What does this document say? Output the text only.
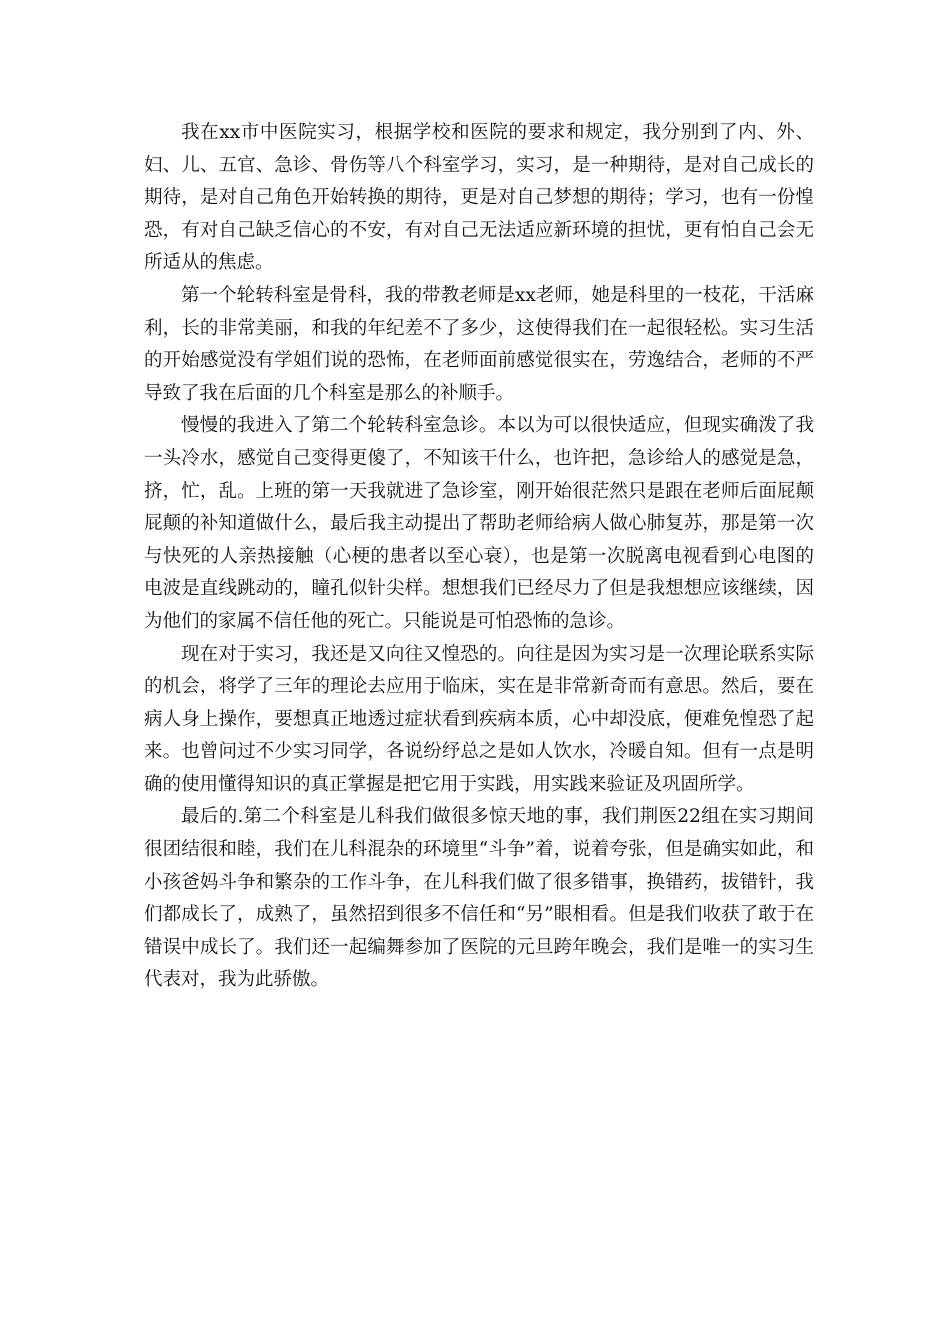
我在xx市中医院实习，根据学校和医院的要求和规定，我分别到了内、外、妇、儿、五官、急诊、骨伤等八个科室学习，实习，是一种期待，是对自己成长的期待，是对自己角色开始转换的期待，更是对自己梦想的期待；学习，也有一份惶恐，有对自己缺乏信心的不安，有对自己无法适应新环境的担忧，更有怕自己会无所适从的焦虑。

第一个轮转科室是骨科，我的带教老师是xx老师，她是科里的一枝花，干活麻利，长的非常美丽，和我的年纪差不了多少，这使得我们在一起很轻松。实习生活的开始感觉没有学姐们说的恐怖，在老师面前感觉很实在，劳逸结合，老师的不严导致了我在后面的几个科室是那么的补顺手。

慢慢的我进入了第二个轮转科室急诊。本以为可以很快适应，但现实确泼了我一头冷水，感觉自己变得更傻了，不知该干什么，也许把，急诊给人的感觉是急，挤，忙，乱。上班的第一天我就进了急诊室，刚开始很茫然只是跟在老师后面屁颠屁颠的补知道做什么，最后我主动提出了帮助老师给病人做心肺复苏，那是第一次与快死的人亲热接触（心梗的患者以至心衰），也是第一次脱离电视看到心电图的电波是直线跳动的，瞳孔似针尖样。想想我们已经尽力了但是我想想应该继续，因为他们的家属不信任他的死亡。只能说是可怕恐怖的急诊。

现在对于实习，我还是又向往又惶恐的。向往是因为实习是一次理论联系实际的机会，将学了三年的理论去应用于临床，实在是非常新奇而有意思。然后，要在病人身上操作，要想真正地透过症状看到疾病本质，心中却没底，便难免惶恐了起来。也曾问过不少实习同学，各说纷纾总之是如人饮水，冷暖自知。但有一点是明确的使用懂得知识的真正掌握是把它用于实践，用实践来验证及巩固所学。

最后的.第二个科室是儿科我们做很多惊天地的事，我们荆医22组在实习期间很团结很和睦，我们在儿科混杂的环境里“斗争”着，说着夸张，但是确实如此，和小孩爸妈斗争和繁杂的工作斗争，在儿科我们做了很多错事，换错药，拔错针，我们都成长了，成熟了，虽然招到很多不信任和“另”眼相看。但是我们收获了敢于在错误中成长了。我们还一起编舞参加了医院的元旦跨年晚会，我们是唯一的实习生代表对，我为此骄傲。
